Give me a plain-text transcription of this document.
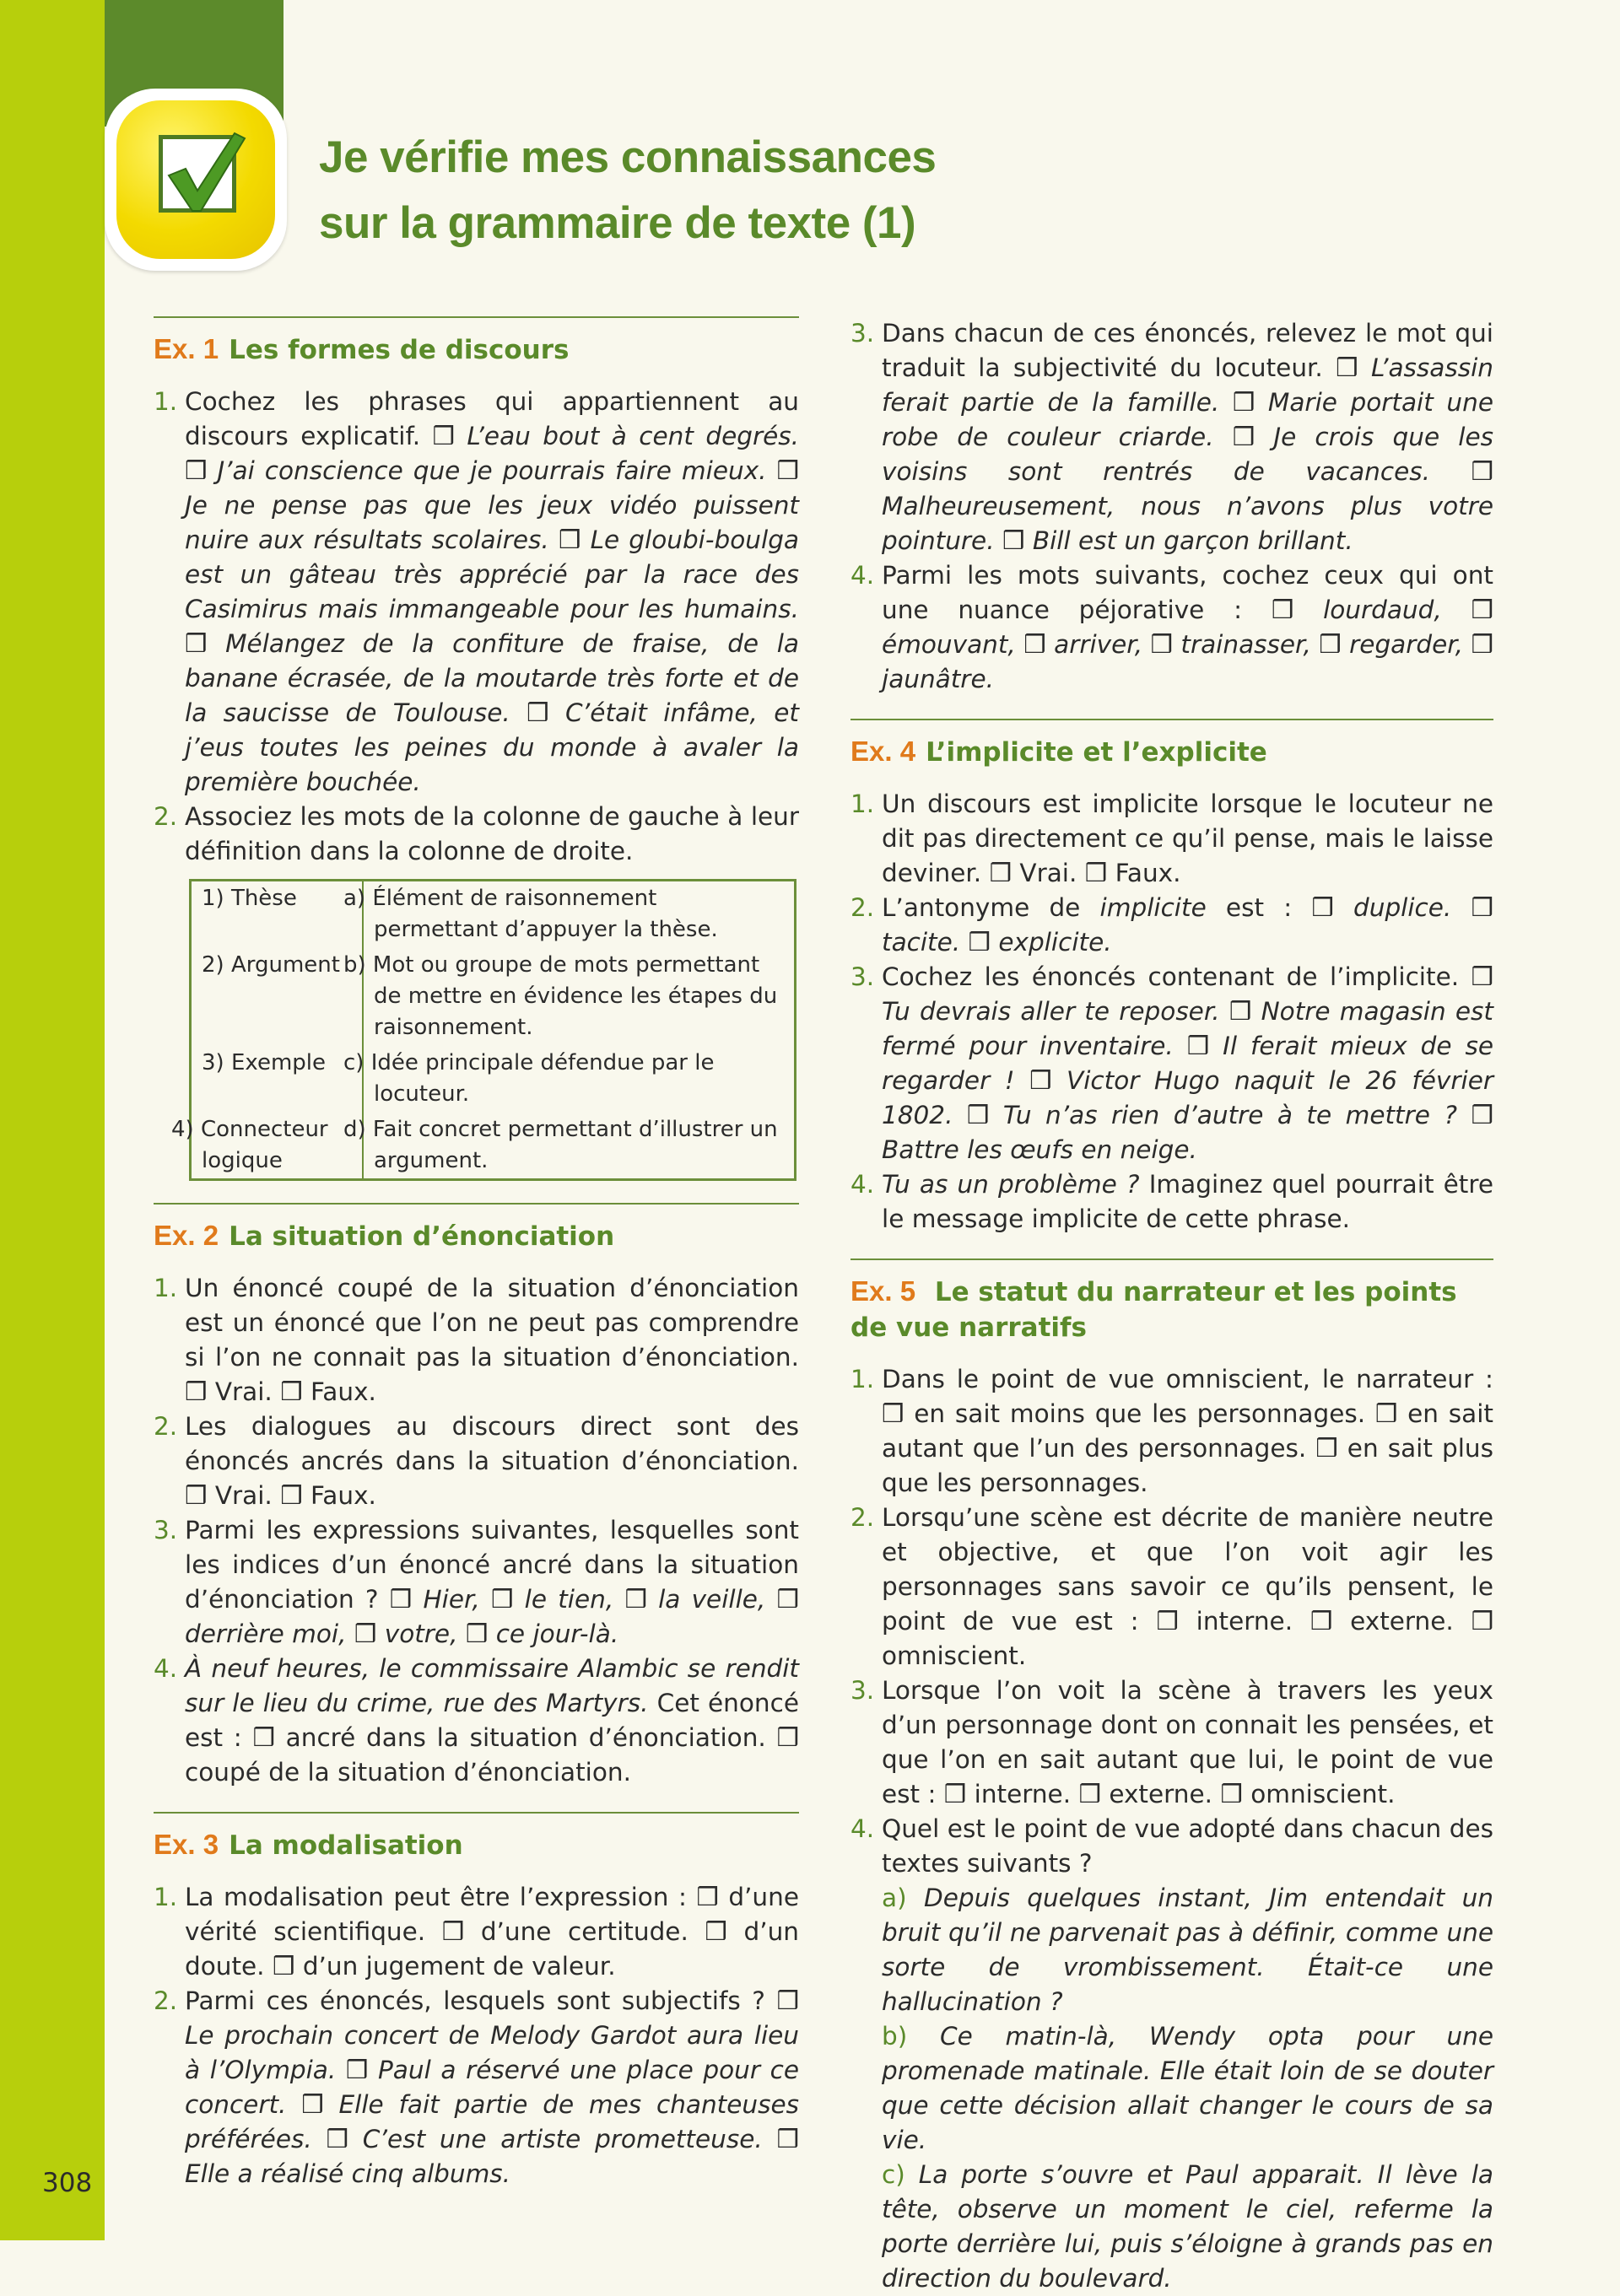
308
Je vérifie mes connaissances
sur la grammaire de texte (1)
Ex. 1 Les formes de discours
1. Cochez les phrases qui appartiennent au discours explicatif. ❒ L’eau bout à cent degrés. ❒ J’ai conscience que je pourrais faire mieux. ❒ Je ne pense pas que les jeux vidéo puissent nuire aux résultats scolaires. ❒ Le gloubi-boulga est un gâteau très apprécié par la race des Casimirus mais immangeable pour les humains. ❒ Mélangez de la confiture de fraise, de la banane écrasée, de la moutarde très forte et de la saucisse de Toulouse. ❒ C’était infâme, et j’eus toutes les peines du monde à avaler la première bouchée.
2. Associez les mots de la colonne de gauche à leur définition dans la colonne de droite.
1) Thèse	a) Élément de raisonnement permettant d’appuyer la thèse.
2) Argument	b) Mot ou groupe de mots permettant de mettre en évidence les étapes du raisonnement.
3) Exemple	c) Idée principale défendue par le locuteur.
4) Connecteur logique	d) Fait concret permettant d’illustrer un argument.
Ex. 2 La situation d’énonciation
1. Un énoncé coupé de la situation d’énonciation est un énoncé que l’on ne peut pas comprendre si l’on ne connait pas la situation d’énonciation. ❒ Vrai. ❒ Faux.
2. Les dialogues au discours direct sont des énoncés ancrés dans la situation d’énonciation. ❒ Vrai. ❒ Faux.
3. Parmi les expressions suivantes, lesquelles sont les indices d’un énoncé ancré dans la situation d’énonciation ? ❒ Hier, ❒ le tien, ❒ la veille, ❒ derrière moi, ❒ votre, ❒ ce jour-là.
4. À neuf heures, le commissaire Alambic se rendit sur le lieu du crime, rue des Martyrs. Cet énoncé est : ❒ ancré dans la situation d’énonciation. ❒ coupé de la situation d’énonciation.
Ex. 3 La modalisation
1. La modalisation peut être l’expression : ❒ d’une vérité scientifique. ❒ d’une certitude. ❒ d’un doute. ❒ d’un jugement de valeur.
2. Parmi ces énoncés, lesquels sont subjectifs ? ❒ Le prochain concert de Melody Gardot aura lieu à l’Olympia. ❒ Paul a réservé une place pour ce concert. ❒ Elle fait partie de mes chanteuses préférées. ❒ C’est une artiste prometteuse. ❒ Elle a réalisé cinq albums.
3. Dans chacun de ces énoncés, relevez le mot qui traduit la subjectivité du locuteur. ❒ L’assassin ferait partie de la famille. ❒ Marie portait une robe de couleur criarde. ❒ Je crois que les voisins sont rentrés de vacances. ❒ Malheureusement, nous n’avons plus votre pointure. ❒ Bill est un garçon brillant.
4. Parmi les mots suivants, cochez ceux qui ont une nuance péjorative : ❒ lourdaud, ❒ émouvant, ❒ arriver, ❒ trainasser, ❒ regarder, ❒ jaunâtre.
Ex. 4 L’implicite et l’explicite
1. Un discours est implicite lorsque le locuteur ne dit pas directement ce qu’il pense, mais le laisse deviner. ❒ Vrai. ❒ Faux.
2. L’antonyme de implicite est : ❒ duplice. ❒ tacite. ❒ explicite.
3. Cochez les énoncés contenant de l’implicite. ❒ Tu devrais aller te reposer. ❒ Notre magasin est fermé pour inventaire. ❒ Il ferait mieux de se regarder ! ❒ Victor Hugo naquit le 26 février 1802. ❒ Tu n’as rien d’autre à te mettre ? ❒ Battre les œufs en neige.
4. Tu as un problème ? Imaginez quel pourrait être le message implicite de cette phrase.
Ex. 5 Le statut du narrateur et les points de vue narratifs
1. Dans le point de vue omniscient, le narrateur : ❒ en sait moins que les personnages. ❒ en sait autant que l’un des personnages. ❒ en sait plus que les personnages.
2. Lorsqu’une scène est décrite de manière neutre et objective, et que l’on voit agir les personnages sans savoir ce qu’ils pensent, le point de vue est : ❒ interne. ❒ externe. ❒ omniscient.
3. Lorsque l’on voit la scène à travers les yeux d’un personnage dont on connait les pensées, et que l’on en sait autant que lui, le point de vue est : ❒ interne. ❒ externe. ❒ omniscient.
4. Quel est le point de vue adopté dans chacun des textes suivants ?
a) Depuis quelques instant, Jim entendait un bruit qu’il ne parvenait pas à définir, comme une sorte de vrombissement. Était-ce une hallucination ?
b) Ce matin-là, Wendy opta pour une promenade matinale. Elle était loin de se douter que cette décision allait changer le cours de sa vie.
c) La porte s’ouvre et Paul apparait. Il lève la tête, observe un moment le ciel, referme la porte derrière lui, puis s’éloigne à grands pas en direction du boulevard.
